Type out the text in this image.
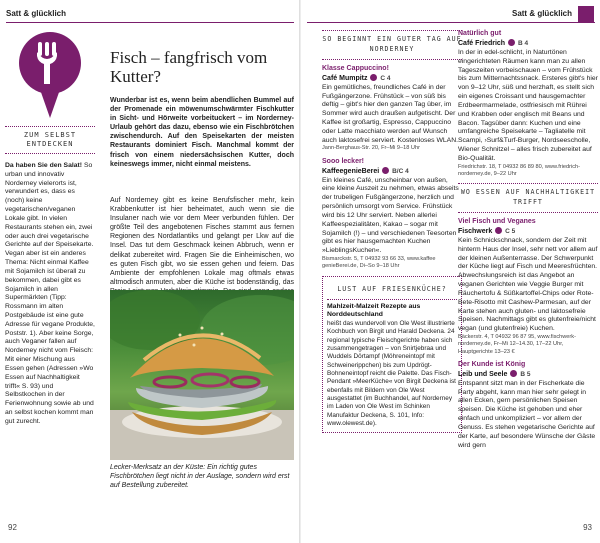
Satt & glücklich
ZUM SELBST ENTDECKEN
Da haben Sie den Salat! So urban und innovativ Norderney vielerorts ist, verwundert es, dass es (noch) keine vegetarischen/veganen Lokale gibt. In vielen Restaurants stehen ein, zwei oder auch drei vegetarische Gerichte auf der Speisekarte. Vegan aber ist ein anderes Thema: Nicht einmal Kaffee mit Sojamilch ist überall zu bekommen, dabei gibt es Sojamilch in allen Supermärkten (Tipp: Rossmann im alten Postgebäude ist eine gute Adresse für vegane Produkte, Poststr. 1). Aber keine Sorge, auch Veganer fallen auf Norderney nicht vom Fleisch: Mit einer Mischung aus Essen gehen (Adressen »Wo Essen auf Nachhaltigkeit trifft« S. 93) und Selbstkochen in der Ferienwohnung sowie ab und an selbst kochen kommt man gut zurecht.
Fisch – fangfrisch vom Kutter?
Wunderbar ist es, wenn beim abendlichen Bummel auf der Promenade ein möwenumschwärmter Fischkutter in Sicht- und Hörweite vorbeituckert – im Norderney-Urlaub gehört das dazu, ebenso wie ein Fischbrötchen zwischendurch. Auf den Speisekarten der meisten Restaurants dominiert Fisch. Manchmal kommt der frisch von einem niedersächsischen Kutter, doch keineswegs immer, nicht einmal meistens.
Auf Norderney gibt es keine Berufsfischer mehr, kein Krabbenkutter ist hier beheimatet, auch wenn sie die Insulaner nach wie vor dem Meer verbunden fühlen. Der größte Teil des angebotenen Fisches stammt aus fernen Regionen des Nordatlantiks und gelangt per Lkw auf die Insel. Das tut dem Geschmack keinen Abbruch, wenn er delikat zubereitet wird. Fragen Sie die Einheimischen, wo es guten Fisch gibt, wo sie essen gehen und feiern. Das Ambiente der empfohlenen Lokale mag oftmals etwas altmodisch anmuten, aber die Küche ist bodenständig, das
Lecker-Merksatz an der Küste: Ein richtig gutes Fischbrötchen liegt nicht in der Auslage, sondern wird erst auf Bestellung zubereitet.
92
Satt & glücklich
SO BEGINNT EIN GUTER TAG AUF NORDERNEY
Klasse Cappuccino!
Café Mumpitz C 4
Ein gemütliches, freundliches Café in der Fußgängerzone. Frühstück – von süß bis deftig – gibt's hier den ganzen Tag über, im Sommer wird auch draußen aufgetischt. Der Kaffee ist großartig, Espresso, Cappuccino oder Latte macchiato werden auf Wunsch auch laktosefrei serviert. Kostenloses WLAN.
Jann-Berghaus-Str. 20, Fr–Mi 9–18 Uhr
Sooo lecker!
KaffeegenieBerei B/C 4
Ein kleines Café, unscheinbar von außen, eine kleine Auszeit zu nehmen, etwas abseits der trubeligen Fußgängerzone, herzlich und persönlich umsorgt vom Service. Frühstück wird bis 12 Uhr serviert. Neben allerlei Kaffeespezialitäten, Kakao – sogar mit Sojamilch (!) – und verschiedenen Teesorten gibt es hier hausgemachten Kuchen »LieblingsKuchen«.
Bismarckstr. 5, T 04932 93 66 33, www.kaffee genieBerei.de, Di–So 9–18 Uhr
LUST AUF FRIESENKÜCHE?
Mahlzeit-Malzeit Rezepte aus Norddeutschland
heißt das wundervoll von Ole West illustrierte Kochbuch von Birgit und Harald Deckena. 24 regional typische Fleischgerichte haben sich zusammengetragen – von Snirtjebraa und Wuddels Dörtampf (Möhreneintopf mit Schweinerippchen) bis zum Updrögt-Bohneneintopf reicht die Palette. Das Fisch-Pendant »MeerKüche« von Birgit Deckena ist ebenfalls mit Bildern von Ole West ausgestattet (im Buchhandel, auf Norderney im Laden von Ole West im Schinken Manufaktur Deckena, S. 101, Info: www.olewest.de).
Natürlich gut
Café Friedrich B 4
In der in edel-schlicht, in Naturtönen eingerichteten Räumen kann man zu allen Tageszeiten vorbeischauen – vom Frühstück bis zum Mitternachtssnack. Ersteres gibt's hier von 9–12 Uhr, süß und herzhaft, es stellt sich ein eigenes Croissant und hausgemachter Erdbeermarmelade, ostfriesisch mit Rührei und Krabben oder englisch mit Beans und Bacon. Tagsüber dann: Kuchen und eine umfangreiche Speisekarte – Tagliatelle mit Scampi, ›Surf&Turf-Burger, Nordseescholle, Wiener Schnitzel – alles frisch zubereitet auf Bio-Qualität.
Friedrichstr. 18, T 04932 86 89 80, www.friedrich-norderney.de, 9–22 Uhr
WO ESSEN AUF NACHHALTIGKEIT TRIFFT
Viel Fisch und Veganes
Fischwerk C 5
Kein Schnickschnack, sondern der Zeit mit hinterm Haus der Insel, sehr nett vor allem auf der kleinen Außenterrasse. Der Schwerpunkt der Küche liegt auf Fisch und Meeresfrüchten. Abwechslungsreich ist das Angebot an veganen Gerichten wie Veggie Burger mit Räuchertofu & Süßkartoffel-Chips oder Rote-Bete-Risotto mit Cashew-Parmesan, auf der Karte stehen auch gluten- und laktosefreie Speisen. Nachmittags gibt es glutenfreie/nicht vegan (und glutenfreie) Kuchen.
Bäckerstr. 4, T 04932 96 87 95, www.fischwerk-norderney.de, Fr–Mi 12–14.30, 17–22 Uhr, Hauptgerichte 13–23 €
Der Kunde ist König
Leib und Seele B 5
Entspannt sitzt man in der Fischerkate die Party abgeht, kann man hier sehr gelegt in allen Ecken, gern persönlichen Speisen speisen. Die Küche ist gehoben und eher einfach und unkompliziert – vor allem der Genuss. Es stehen vegetarische Gerichte auf der Karte, auf besondere Wünsche der Gäste wird gern
93
